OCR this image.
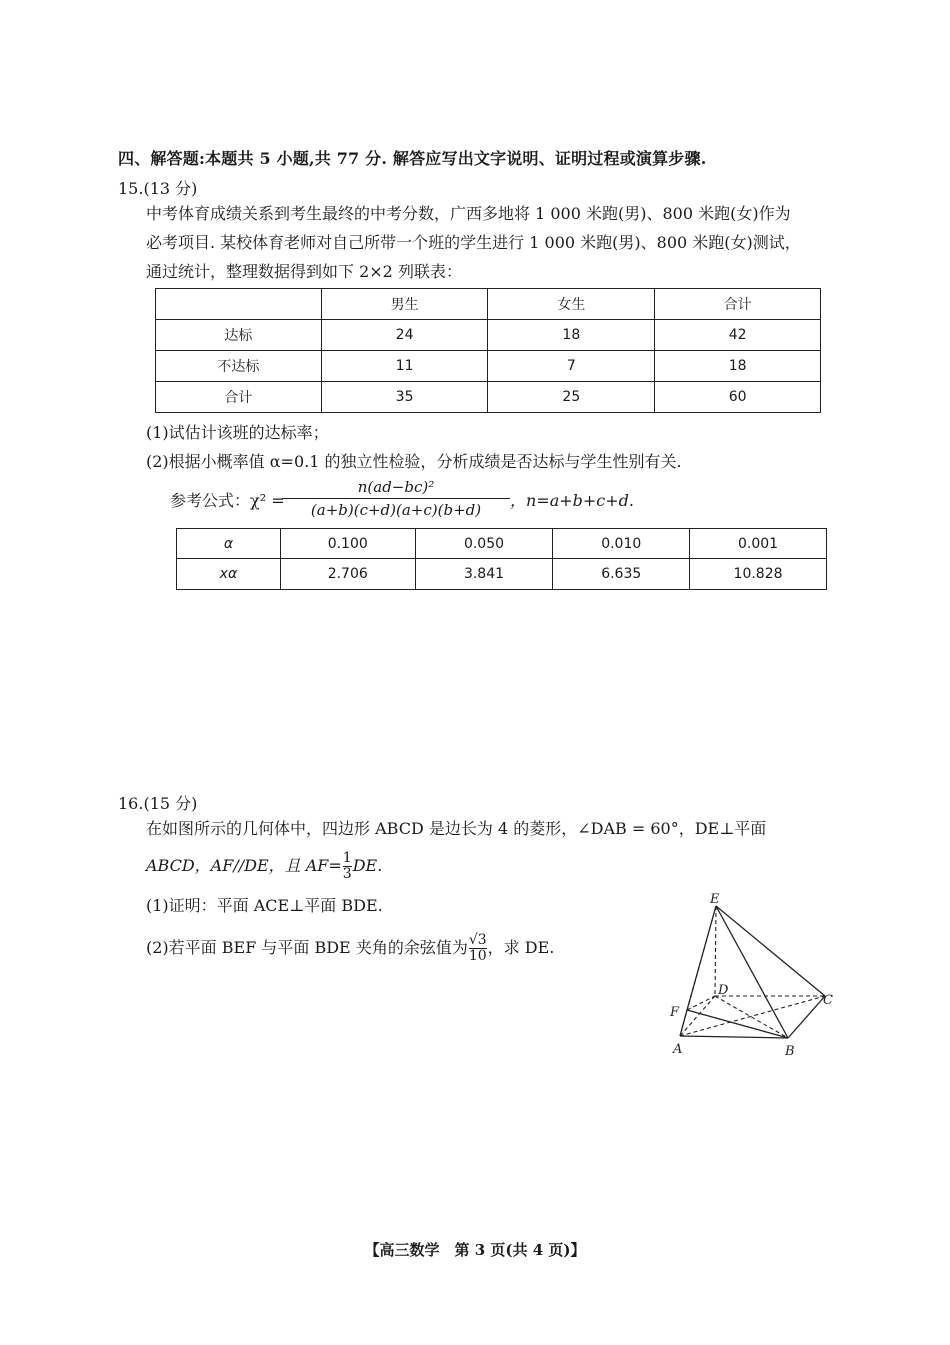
四、解答题:本题共 5 小题,共 77 分. 解答应写出文字说明、证明过程或演算步骤.
15.(13 分)
中考体育成绩关系到考生最终的中考分数，广西多地将 1 000 米跑(男)、800 米跑(女)作为
必考项目. 某校体育老师对自己所带一个班的学生进行 1 000 米跑(男)、800 米跑(女)测试，
通过统计，整理数据得到如下 2×2 列联表：
	男生	女生	合计
达标	24	18	42
不达标	11	7	18
合计	35	25	60
(1)试估计该班的达标率；
(2)根据小概率值 α=0.1 的独立性检验，分析成绩是否达标与学生性别有关.
参考公式：χ² =
n(ad−bc)²
(a+b)(c+d)(a+c)(b+d)	，n=a+b+c+d.
α	0.100	0.050	0.010	0.001
xα	2.706	3.841	6.635	10.828
16.(15 分)
在如图所示的几何体中，四边形 ABCD 是边长为 4 的菱形，∠DAB = 60°，DE⊥平面
ABCD，AF//DE，且 $AF= \frac{1}{3}$ DE.
(1)证明：平面 ACE⊥平面 BDE.
(2)若平面 BEF 与平面 BDE 夹角的余弦值为 $\frac{√3}{10}$ ，求 DE.
E
D
C
F
A	B
【高三数学　第 3 页(共 4 页)】
